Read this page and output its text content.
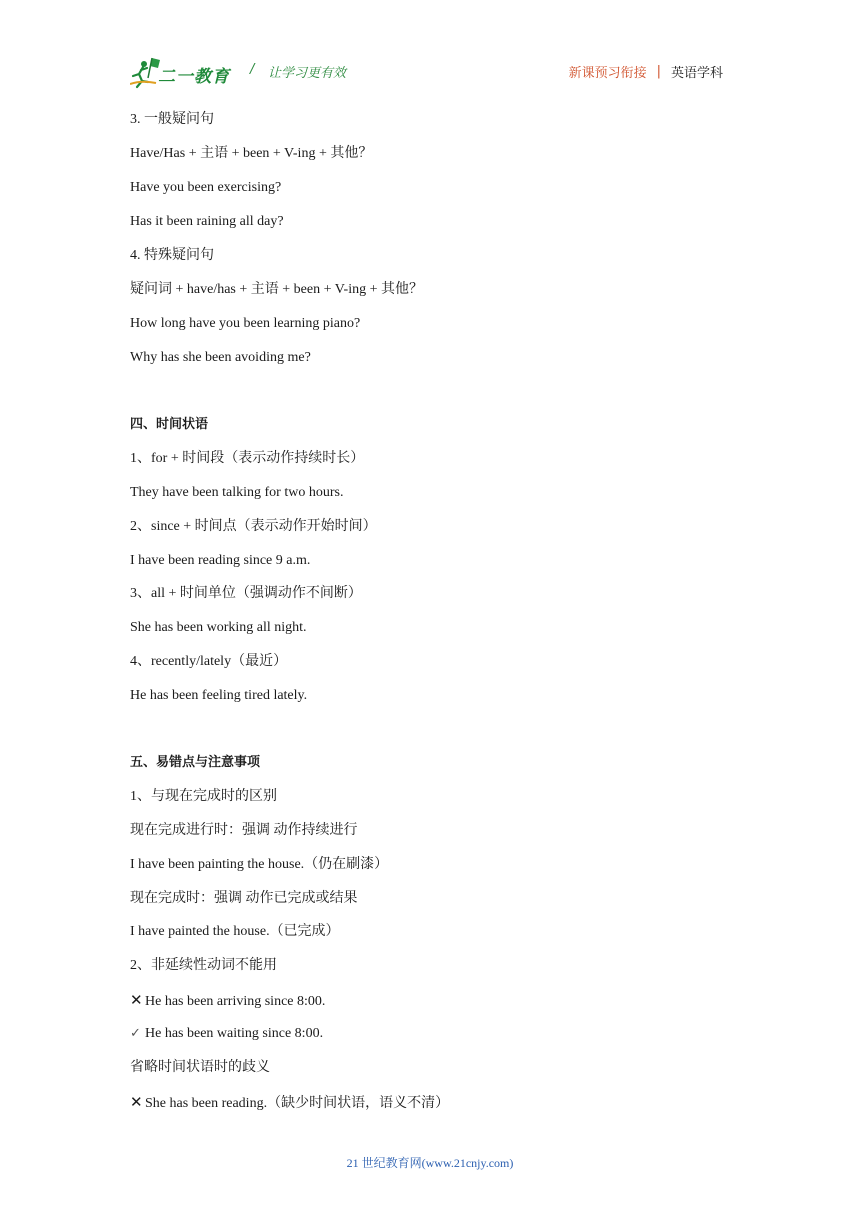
二一教育 / 让学习更有效	新课预习衔接 | 英语学科
3. 一般疑问句
Have/Has + 主语 + been + V-ing + 其他？
Have you been exercising?
Has it been raining all day?
4. 特殊疑问句
疑问词 + have/has + 主语 + been + V-ing + 其他？
How long have you been learning piano?
Why has she been avoiding me?
四、时间状语
1、for + 时间段（表示动作持续时长）
They have been talking for two hours.
2、since + 时间点（表示动作开始时间）
I have been reading since 9 a.m.
3、all + 时间单位（强调动作不间断）
She has been working all night.
4、recently/lately（最近）
He has been feeling tired lately.
五、易错点与注意事项
1、与现在完成时的区别
现在完成进行时：强调 动作持续进行
I have been painting the house.（仍在刷漆）
现在完成时：强调 动作已完成或结果
I have painted the house.（已完成）
2、非延续性动词不能用
✕ He has been arriving since 8:00.
✓ He has been waiting since 8:00.
省略时间状语时的歧义
✕ She has been reading.（缺少时间状语，语义不清）
21 世纪教育网(www.21cnjy.com)
